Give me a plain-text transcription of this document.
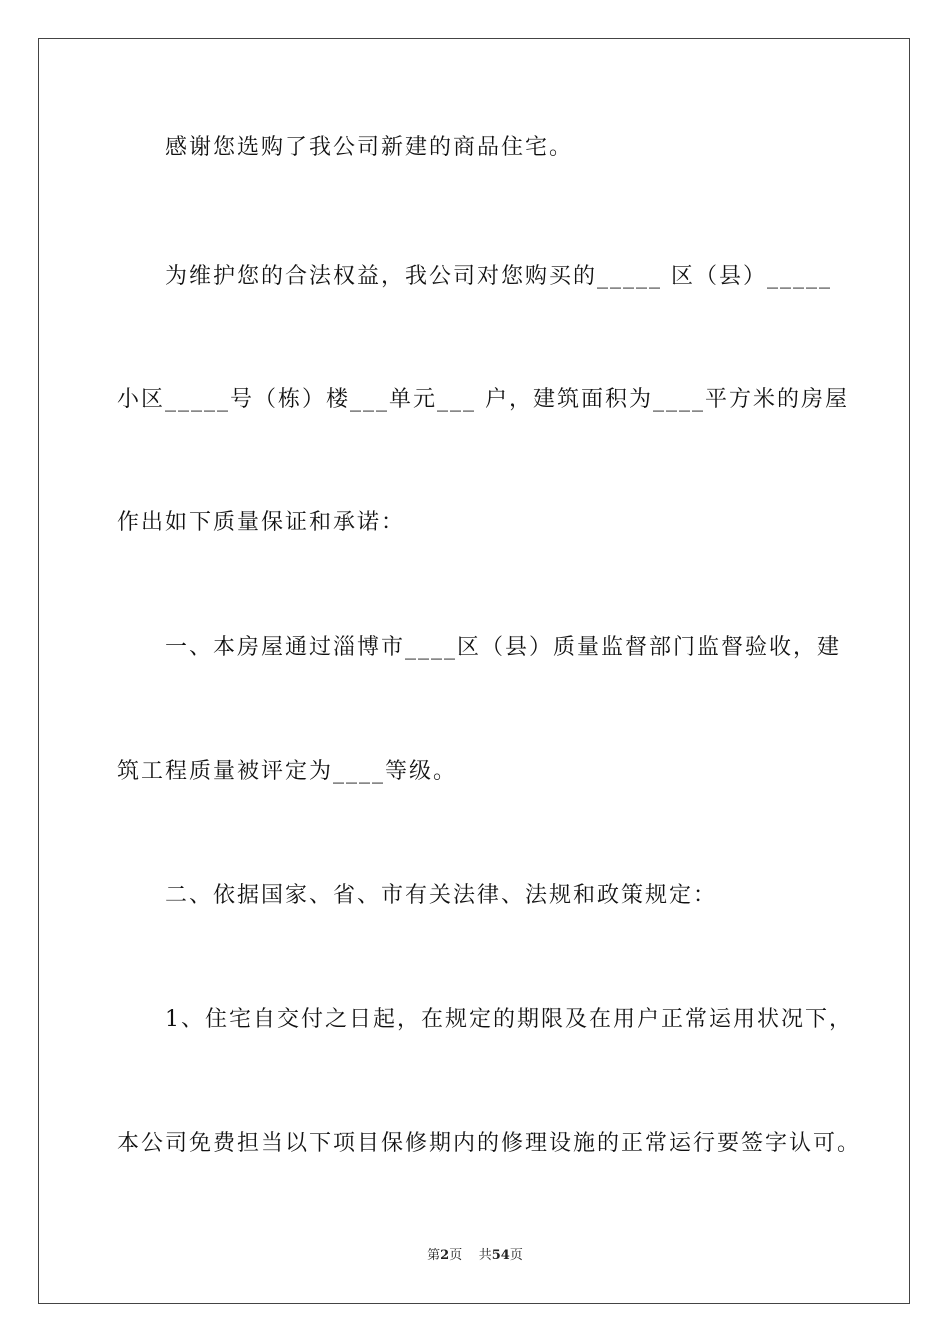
感谢您选购了我公司新建的商品住宅。
为维护您的合法权益，我公司对您购买的_____ 区（县）_____
小区_____号（栋）楼___单元___ 户，建筑面积为____平方米的房屋
作出如下质量保证和承诺：
一、本房屋通过淄博市____区（县）质量监督部门监督验收，建
筑工程质量被评定为____等级。
二、依据国家、省、市有关法律、法规和政策规定：
1、住宅自交付之日起，在规定的期限及在用户正常运用状况下，
本公司免费担当以下项目保修期内的修理设施的正常运行要签字认可。
第2页 共54页
